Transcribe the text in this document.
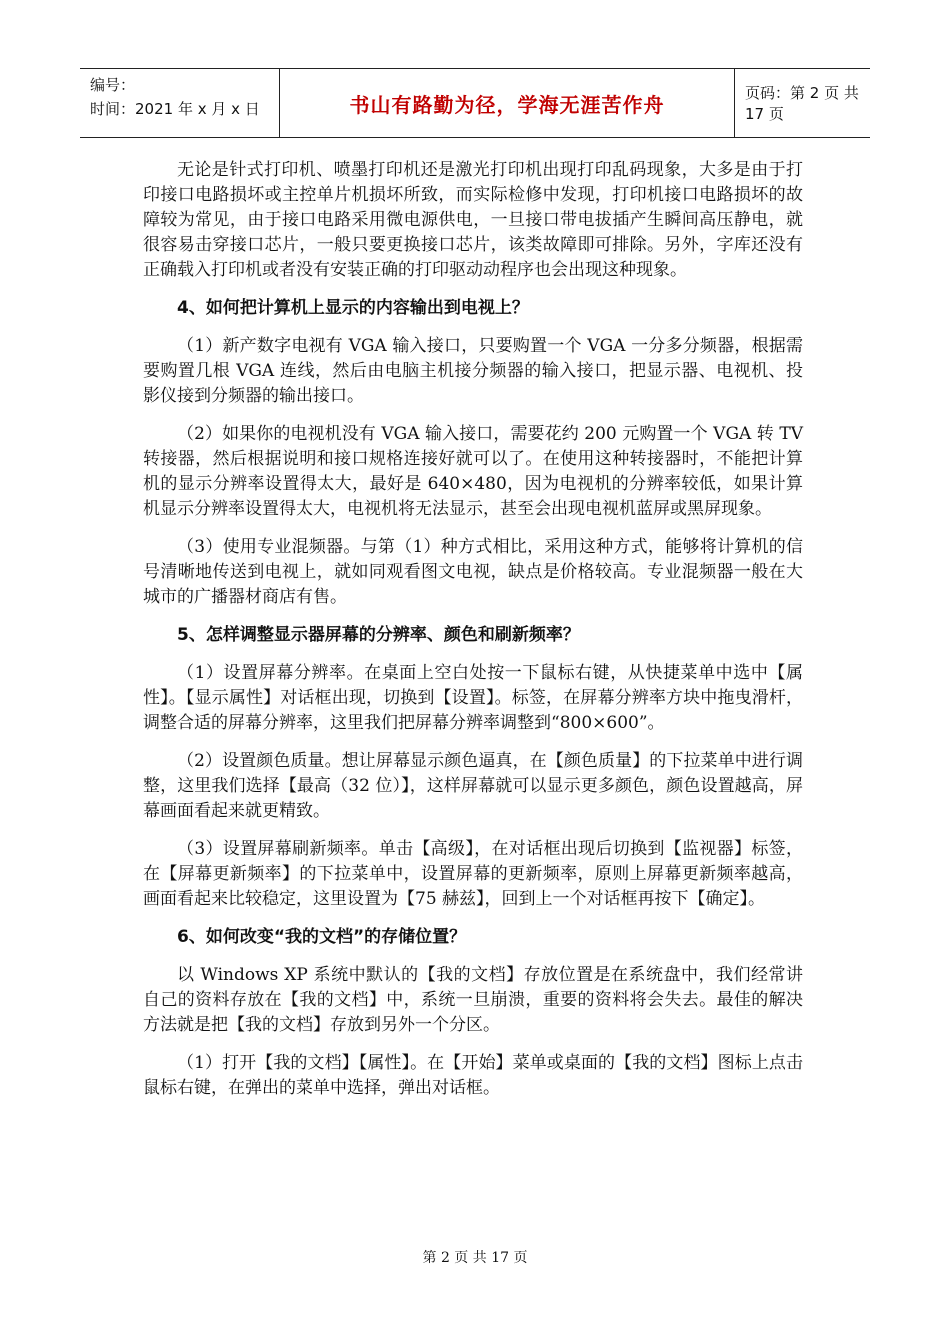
编号：
时间：2021 年 x 月 x 日	书山有路勤为径，学海无涯苦作舟	页码：第 2 页 共 17 页

无论是针式打印机、喷墨打印机还是激光打印机出现打印乱码现象，大多是由于打印接口电路损坏或主控单片机损坏所致，而实际检修中发现，打印机接口电路损坏的故障较为常见，由于接口电路采用微电源供电，一旦接口带电拔插产生瞬间高压静电，就很容易击穿接口芯片，一般只要更换接口芯片，该类故障即可排除。另外，字库还没有正确载入打印机或者没有安装正确的打印驱动动程序也会出现这种现象。

4、如何把计算机上显示的内容输出到电视上？

（1）新产数字电视有 VGA 输入接口，只要购置一个 VGA 一分多分频器，根据需要购置几根 VGA 连线，然后由电脑主机接分频器的输入接口，把显示器、电视机、投影仪接到分频器的输出接口。

（2）如果你的电视机没有 VGA 输入接口，需要花约 200 元购置一个 VGA 转 TV 转接器，然后根据说明和接口规格连接好就可以了。在使用这种转接器时，不能把计算机的显示分辨率设置得太大，最好是 640×480，因为电视机的分辨率较低，如果计算机显示分辨率设置得太大，电视机将无法显示，甚至会出现电视机蓝屏或黑屏现象。

（3）使用专业混频器。与第（1）种方式相比，采用这种方式，能够将计算机的信号清晰地传送到电视上，就如同观看图文电视，缺点是价格较高。专业混频器一般在大城市的广播器材商店有售。

5、怎样调整显示器屏幕的分辨率、颜色和刷新频率？

（1）设置屏幕分辨率。在桌面上空白处按一下鼠标右键，从快捷菜单中选中【属性】。【显示属性】对话框出现，切换到【设置】。标签，在屏幕分辨率方块中拖曳滑杆，调整合适的屏幕分辨率，这里我们把屏幕分辨率调整到“800×600”。

（2）设置颜色质量。想让屏幕显示颜色逼真，在【颜色质量】的下拉菜单中进行调整，这里我们选择【最高（32 位）】，这样屏幕就可以显示更多颜色，颜色设置越高，屏幕画面看起来就更精致。

（3）设置屏幕刷新频率。单击【高级】，在对话框出现后切换到【监视器】标签，在【屏幕更新频率】的下拉菜单中，设置屏幕的更新频率，原则上屏幕更新频率越高，画面看起来比较稳定，这里设置为【75 赫兹】，回到上一个对话框再按下【确定】。

6、如何改变“我的文档”的存储位置？

以 Windows XP 系统中默认的【我的文档】存放位置是在系统盘中，我们经常讲自己的资料存放在【我的文档】中，系统一旦崩溃，重要的资料将会失去。最佳的解决方法就是把【我的文档】存放到另外一个分区。

（1）打开【我的文档】【属性】。在【开始】菜单或桌面的【我的文档】图标上点击鼠标右键，在弹出的菜单中选择，弹出对话框。

第 2 页 共 17 页
